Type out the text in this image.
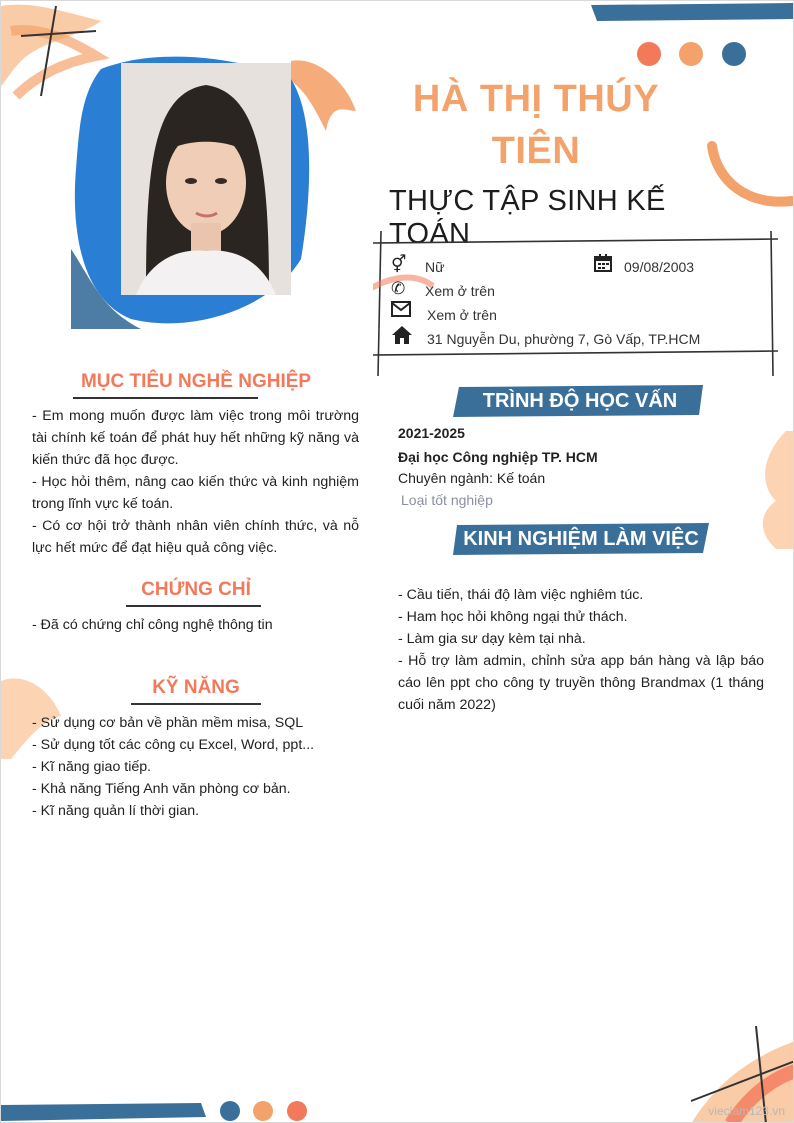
HÀ THỊ THÚY
TIÊN
THỰC TẬP SINH KẾ TOÁN
⚥ Nữ	09/08/2003
✆ Xem ở trên
Xem ở trên
31 Nguyễn Du, phường 7, Gò Vấp, TP.HCM
MỤC TIÊU NGHỀ NGHIỆP

- Em mong muốn được làm việc trong môi trường tài chính kế toán để phát huy hết những kỹ năng và kiến thức đã học được.

- Học hỏi thêm, nâng cao kiến thức và kinh nghiệm trong lĩnh vực kế toán.

- Có cơ hội trở thành nhân viên chính thức, và nỗ lực hết mức để đạt hiệu quả công việc.

CHỨNG CHỈ

- Đã có chứng chỉ công nghệ thông tin

KỸ NĂNG

- Sử dụng cơ bản về phần mềm misa, SQL

- Sử dụng tốt các công cụ Excel, Word, ppt...

- Kĩ năng giao tiếp.

- Khả năng Tiếng Anh văn phòng cơ bản.

- Kĩ năng quản lí thời gian.

TRÌNH ĐỘ HỌC VẤN
2021-2025
Đại học Công nghiệp TP. HCM
Chuyên ngành: Kế toán
Loại tốt nghiệp
KINH NGHIỆM LÀM VIỆC

- Cầu tiến, thái độ làm việc nghiêm túc.

- Ham học hỏi không ngại thử thách.

- Làm gia sư dạy kèm tại nhà.

- Hỗ trợ làm admin, chỉnh sửa app bán hàng và lập báo cáo lên ppt cho công ty truyền thông Brandmax (1 tháng cuối năm 2022)

vieclam123.vn
